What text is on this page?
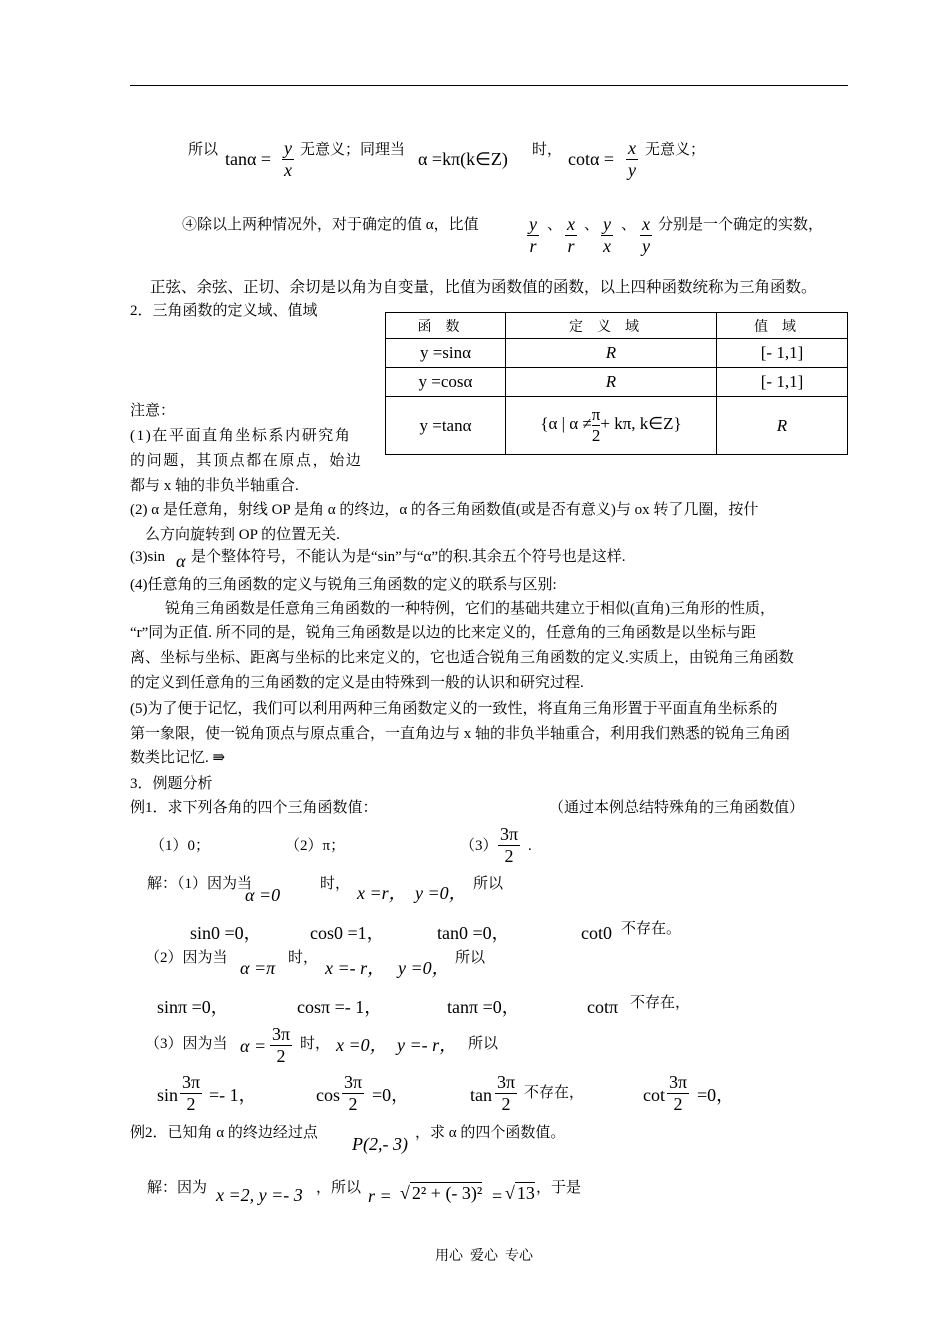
所以 $\tan\alpha = \frac{y}{x}$ 无意义；同理当 α =kπ(k∈Z) 时， $\cot\alpha = \frac{x}{y}$ 无意义；
④除以上两种情况外，对于确定的值 α，比值	$\frac{y}{r}$ 、 $\frac{x}{r}$ 、 $\frac{y}{x}$ 、 $\frac{x}{y}$ 分别是一个确定的实数，
正弦、余弦、正切、余切是以角为自变量，比值为函数值的函数，以上四种函数统称为三角函数。
2．三角函数的定义域、值域
函数	定义域	值域
y =sinα	R	[- 1,1]
y =cosα	R	[- 1,1]
y =tanα	{α | $\alpha \ne \frac{\pi}{2} + k\pi$, k∈Z}	R
注意：
(1)在平面直角坐标系内研究角
的问题，其顶点都在原点，始边
都与 x 轴的非负半轴重合.
(2) α 是任意角，射线 OP 是角 α 的终边，α 的各三角函数值(或是否有意义)与 ox 转了几圈，按什
么方向旋转到 OP 的位置无关.
(3)sin α 是个整体符号，不能认为是“sin”与“α”的积.其余五个符号也是这样.
(4)任意角的三角函数的定义与锐角三角函数的定义的联系与区别:
锐角三角函数是任意角三角函数的一种特例，它们的基础共建立于相似(直角)三角形的性质，
“r”同为正值. 所不同的是，锐角三角函数是以边的比来定义的，任意角的三角函数是以坐标与距
离、坐标与坐标、距离与坐标的比来定义的，它也适合锐角三角函数的定义.实质上，由锐角三角函数
的定义到任意角的三角函数的定义是由特殊到一般的认识和研究过程.
(5)为了便于记忆，我们可以利用两种三角函数定义的一致性，将直角三角形置于平面直角坐标系的
第一象限，使一锐角顶点与原点重合，一直角边与 x 轴的非负半轴重合，利用我们熟悉的锐角三角函
数类比记忆. ⇛
3．例题分析
例1．求下列各角的四个三角函数值：	（通过本例总结特殊角的三角函数值）
（1）0；	（2）π；	$(3) \frac{3\pi}{2}$ .
解：（1）因为当
α =0
时， x =r， y =0， 所以
sin0 =0，	cos0 =1，	tan0 =0，	cot0 不存在。
（2）因为当 α =π 时， x =- r， y =0， 所以
sinπ =0，	cosπ =- 1，	tanπ =0，	cotπ 不存在，
（3）因为当 $\alpha = \frac{3\pi}{2}$ 时， x =0， y =- r， 所以
$\sin \frac{3\pi}{2} =- 1$，	$\cos \frac{3\pi}{2} =0$，	$\tan \frac{3\pi}{2}$ 不存在，	$\cot \frac{3\pi}{2} =0$，
例2．已知角 α 的终边经过点
P(2,- 3)
，求 α 的四个函数值。
解：因为 x =2, y =- 3 ，所以 r = √ 2² + (- 3)² = √ 13 ，于是
用心  爱心  专心
